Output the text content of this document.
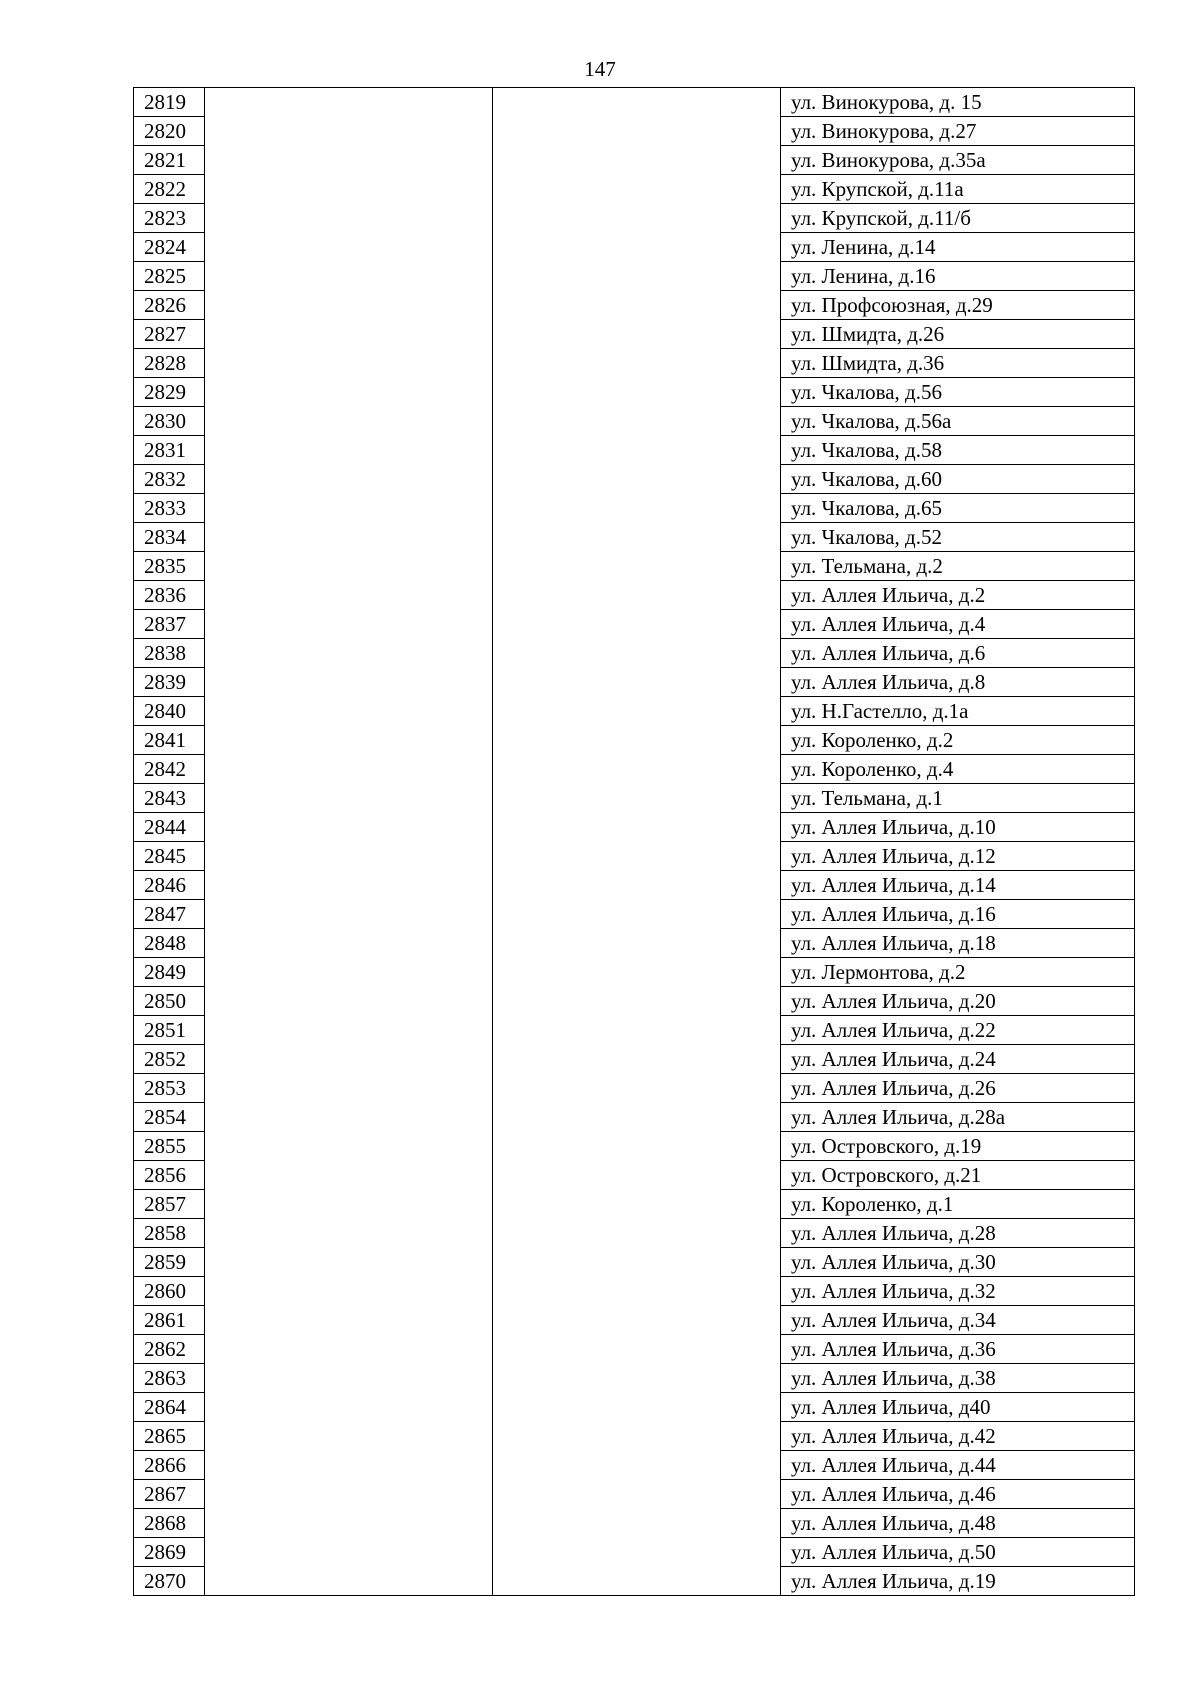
147
2819			ул. Винокурова, д. 15
2820			ул. Винокурова, д.27
2821			ул. Винокурова, д.35а
2822			ул. Крупской, д.11а
2823			ул. Крупской, д.11/б
2824			ул. Ленина, д.14
2825			ул. Ленина, д.16
2826			ул. Профсоюзная, д.29
2827			ул. Шмидта, д.26
2828			ул. Шмидта, д.36
2829			ул. Чкалова, д.56
2830			ул. Чкалова, д.56а
2831			ул. Чкалова, д.58
2832			ул. Чкалова, д.60
2833			ул. Чкалова, д.65
2834			ул. Чкалова, д.52
2835			ул. Тельмана, д.2
2836			ул. Аллея Ильича, д.2
2837			ул. Аллея Ильича, д.4
2838			ул. Аллея Ильича, д.6
2839			ул. Аллея Ильича, д.8
2840			ул. Н.Гастелло, д.1а
2841			ул. Короленко, д.2
2842			ул. Короленко, д.4
2843			ул. Тельмана, д.1
2844			ул. Аллея Ильича, д.10
2845			ул. Аллея Ильича, д.12
2846			ул. Аллея Ильича, д.14
2847			ул. Аллея Ильича, д.16
2848			ул. Аллея Ильича, д.18
2849			ул. Лермонтова, д.2
2850			ул. Аллея Ильича, д.20
2851			ул. Аллея Ильича, д.22
2852			ул. Аллея Ильича, д.24
2853			ул. Аллея Ильича, д.26
2854			ул. Аллея Ильича, д.28а
2855			ул. Островского, д.19
2856			ул. Островского, д.21
2857			ул. Короленко, д.1
2858			ул. Аллея Ильича, д.28
2859			ул. Аллея Ильича, д.30
2860			ул. Аллея Ильича, д.32
2861			ул. Аллея Ильича, д.34
2862			ул. Аллея Ильича, д.36
2863			ул. Аллея Ильича, д.38
2864			ул. Аллея Ильича, д40
2865			ул. Аллея Ильича, д.42
2866			ул. Аллея Ильича, д.44
2867			ул. Аллея Ильича, д.46
2868			ул. Аллея Ильича, д.48
2869			ул. Аллея Ильича, д.50
2870			ул. Аллея Ильича, д.19
